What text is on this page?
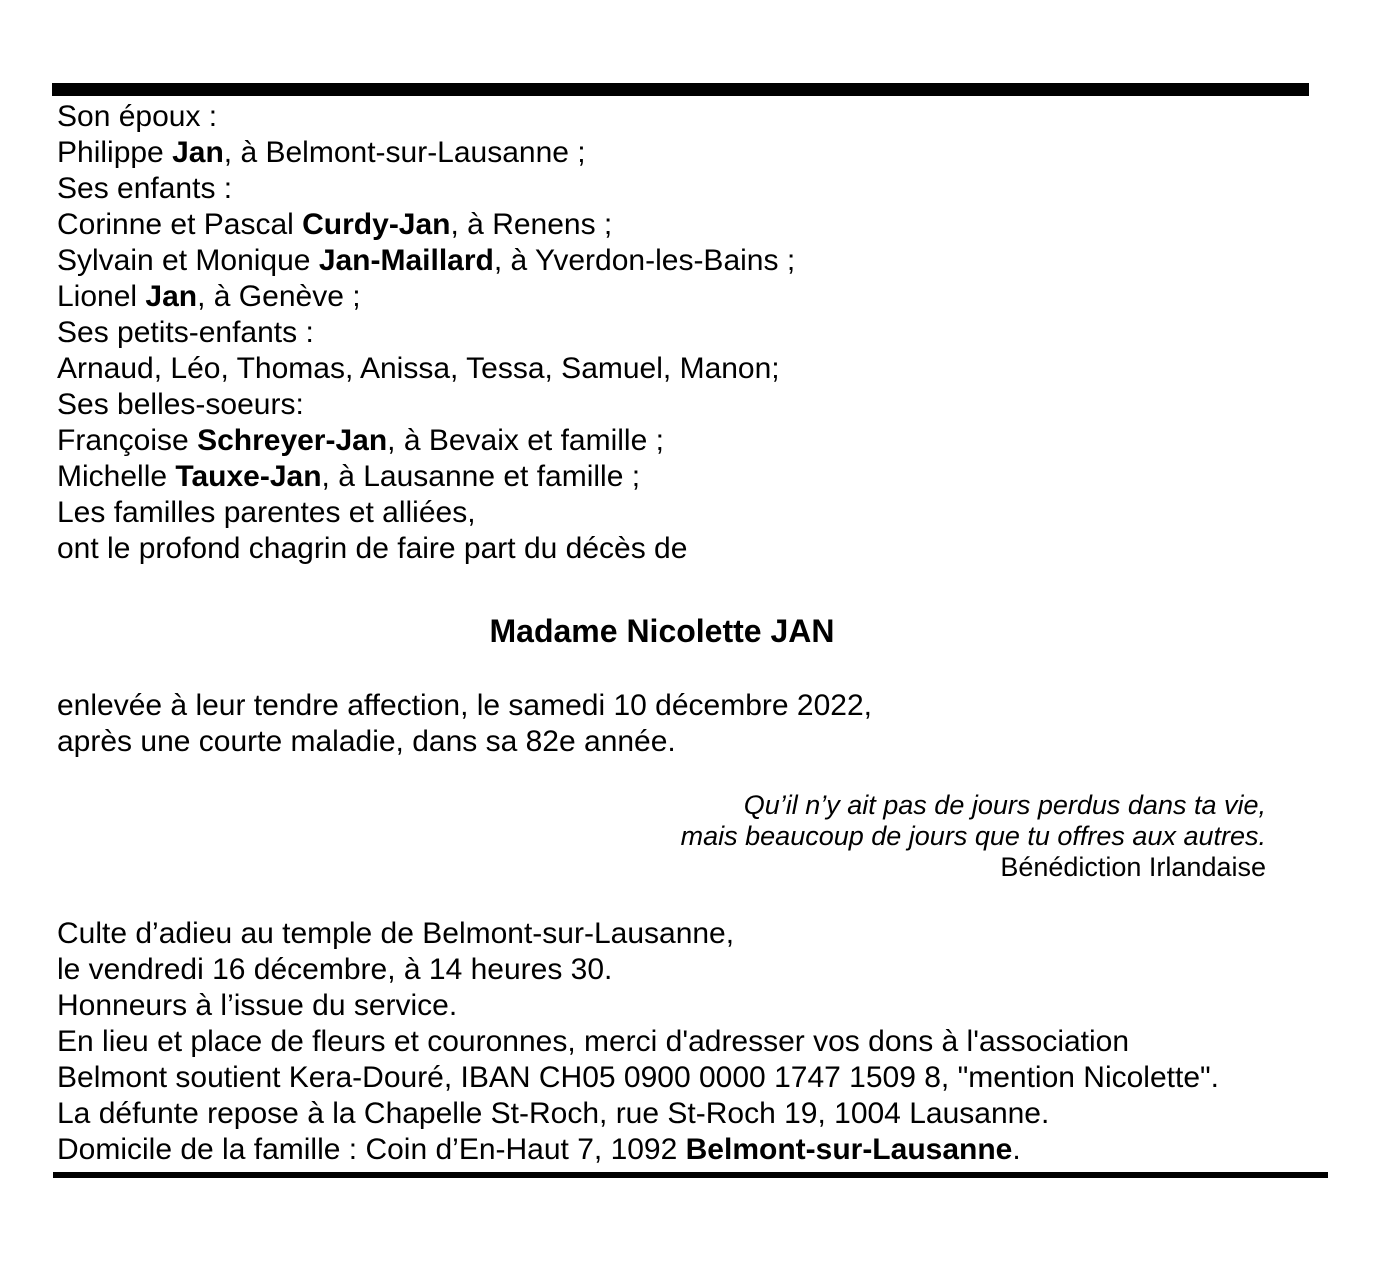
Son époux :
Philippe Jan, à Belmont-sur-Lausanne ;
Ses enfants :
Corinne et Pascal Curdy-Jan, à Renens ;
Sylvain et Monique Jan-Maillard, à Yverdon-les-Bains ;
Lionel Jan, à Genève ;
Ses petits-enfants :
Arnaud, Léo, Thomas, Anissa, Tessa, Samuel, Manon;
Ses belles-soeurs:
Françoise Schreyer-Jan, à Bevaix et famille ;
Michelle Tauxe-Jan, à Lausanne et famille ;
Les familles parentes et alliées,
ont le profond chagrin de faire part du décès de
Madame Nicolette JAN
enlevée à leur tendre affection, le samedi 10 décembre 2022,
après une courte maladie, dans sa 82e année.
Qu’il n’y ait pas de jours perdus dans ta vie,
mais beaucoup de jours que tu offres aux autres.
Bénédiction Irlandaise
Culte d’adieu au temple de Belmont-sur-Lausanne,
le vendredi 16 décembre, à 14 heures 30.
Honneurs à l’issue du service.
En lieu et place de fleurs et couronnes, merci d'adresser vos dons à l'association
Belmont soutient Kera-Douré, IBAN CH05 0900 0000 1747 1509 8, "mention Nicolette".
La défunte repose à la Chapelle St-Roch, rue St-Roch 19, 1004 Lausanne.
Domicile de la famille : Coin d’En-Haut 7, 1092 Belmont-sur-Lausanne.
